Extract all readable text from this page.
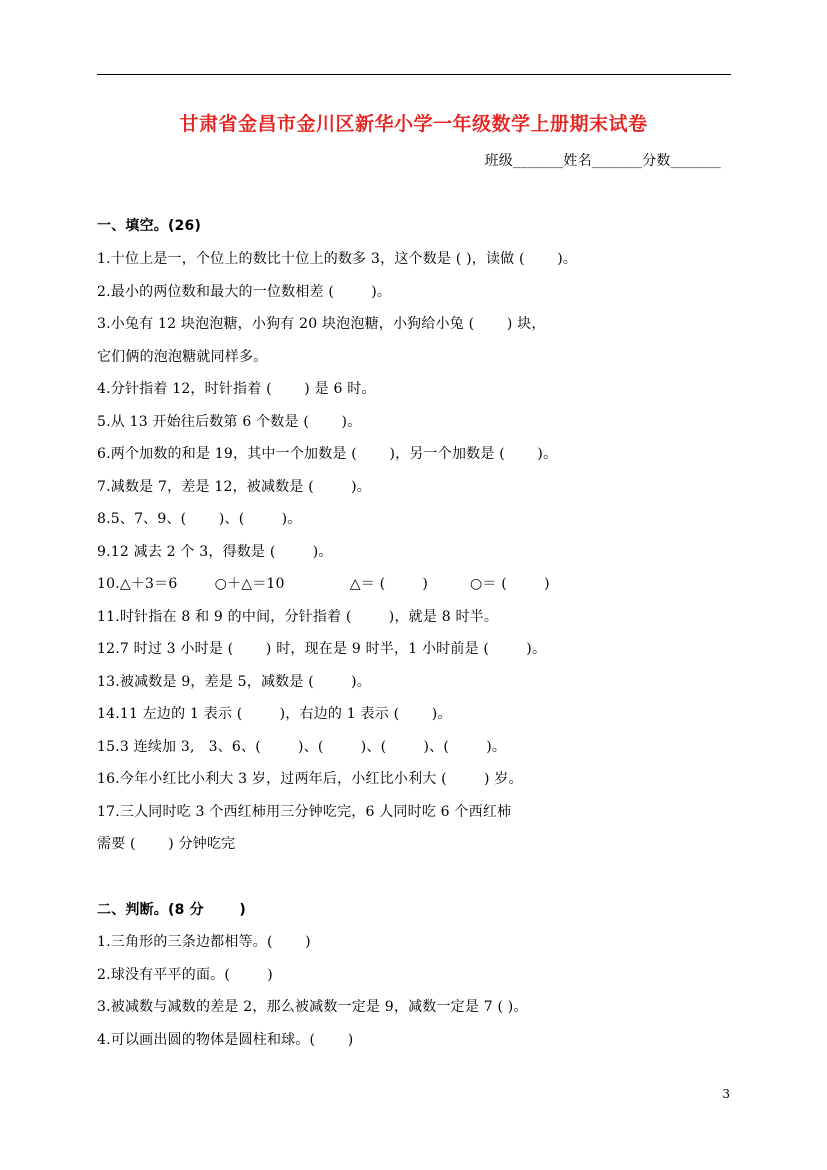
甘肃省金昌市金川区新华小学一年级数学上册期末试卷
班级_______姓名_______分数_______
一、填空。(26)
1.十位上是一，个位上的数比十位上的数多 3，这个数是 ( )，读做 (       )。
2.最小的两位数和最大的一位数相差 (        )。
3.小兔有 12 块泡泡糖，小狗有 20 块泡泡糖，小狗给小兔 (       ) 块，
它们俩的泡泡糖就同样多。
4.分针指着 12，时针指着 (       ) 是 6 时。
5.从 13 开始往后数第 6 个数是 (       )。
6.两个加数的和是 19，其中一个加数是 (       )，另一个加数是 (       )。
7.减数是 7，差是 12，被减数是 (        )。
8.5、7、9、(       )、(        )。
9.12 减去 2 个 3，得数是 (        )。
10.△＋3＝6        ○＋△＝10              △＝ (        )         ○＝ (        )
11.时针指在 8 和 9 的中间，分针指着 (        )，就是 8 时半。
12.7 时过 3 小时是 (       ) 时，现在是 9 时半，1 小时前是 (        )。
13.被减数是 9，差是 5，减数是 (        )。
14.11 左边的 1 表示 (        )，右边的 1 表示 (       )。
15.3 连续加 3,   3、6、(        )、(        )、(        )、(        )。
16.今年小红比小利大 3 岁，过两年后，小红比小利大 (        ) 岁。
17.三人同时吃 3 个西红柿用三分钟吃完，6 人同时吃 6 个西红柿
需要 (       ) 分钟吃完
二、判断。(8 分       )
1.三角形的三条边都相等。(       )
2.球没有平平的面。(        )
3.被减数与减数的差是 2，那么被减数一定是 9，减数一定是 7 ( )。
4.可以画出圆的物体是圆柱和球。(       )
3
